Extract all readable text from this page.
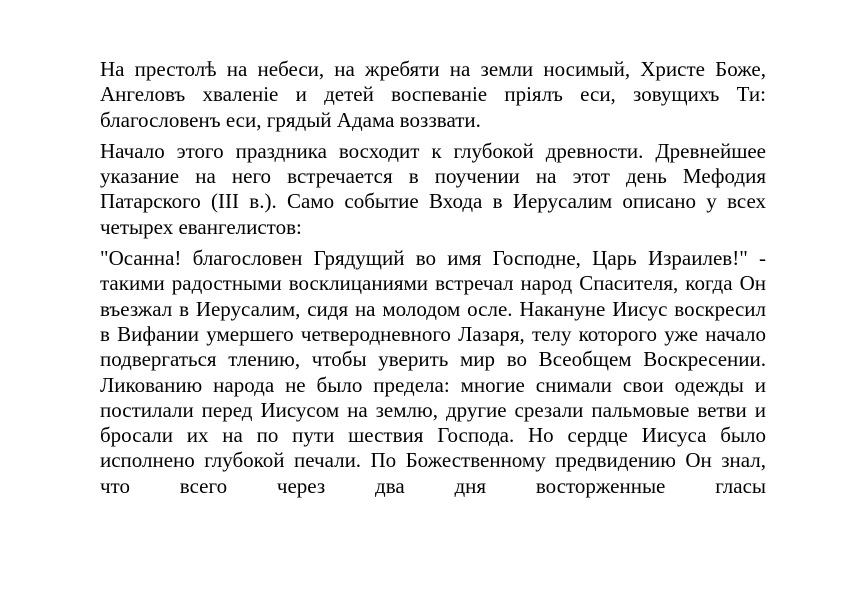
На престолѣ на небеси, на жребяти на земли носимый, Христе Боже, Ангеловъ хваленіе и детей воспеваніе пріялъ еси, зовущихъ Ти: благословенъ еси, грядый Адама воззвати.

Начало этого праздника восходит к глубокой древности. Древнейшее указание на него встречается в поучении на этот день Мефодия Патарского (III в.). Само событие Входа в Иерусалим описано у всех четырех евангелистов:

"Осанна! благословен Грядущий во имя Господне, Царь Израилев!" - такими радостными восклицаниями встречал народ Спасителя, когда Он въезжал в Иерусалим, сидя на молодом осле. Накануне Иисус воскресил в Вифании умершего четверодневного Лазаря, телу которого уже начало подвергаться тлению, чтобы уверить мир во Всеобщем Воскресении. Ликованию народа не было предела: многие снимали свои одежды и постилали перед Иисусом на землю, другие срезали пальмовые ветви и бросали их на по пути шествия Господа. Но сердце Иисуса было исполнено глубокой печали. По Божественному предвидению Он знал, что всего через два дня восторженные гласы
